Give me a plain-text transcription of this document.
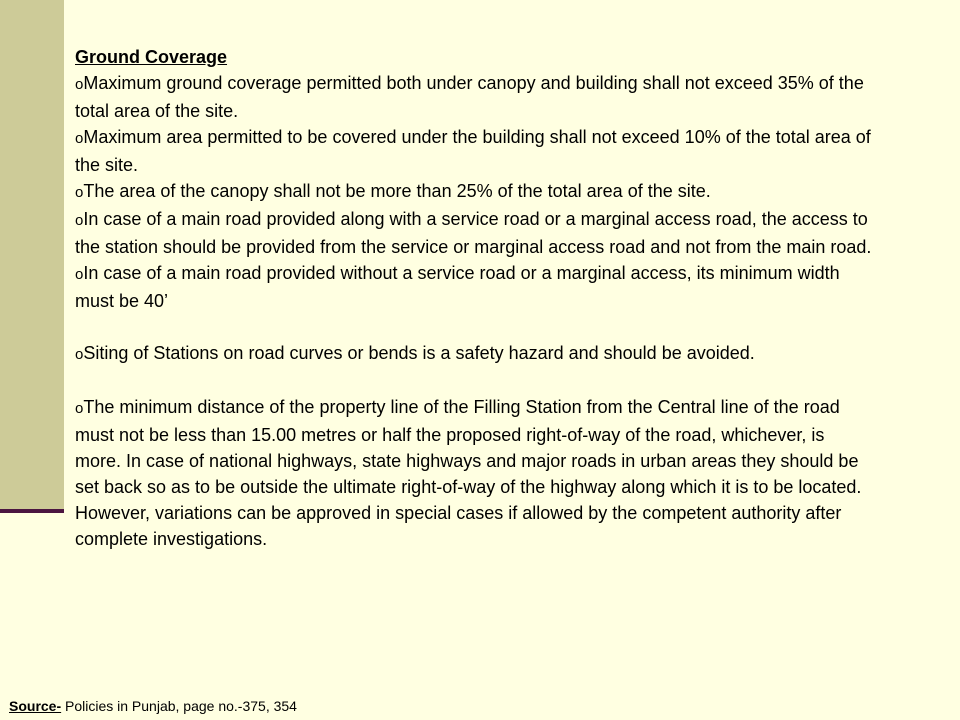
Ground Coverage
oMaximum ground coverage permitted both under canopy and building shall not exceed 35% of the total area of the site.
oMaximum area permitted to be covered under the building shall not exceed 10% of the total area of the site.
oThe area of the canopy shall not be more than 25% of the total area of the site.
oIn case of a main road provided along with a service road or a marginal access road, the access to the station should be provided from the service or marginal access road and not from the main road.
oIn case of a main road provided without a service road or a marginal access, its minimum width must be 40’
oSiting of Stations on road curves or bends is a safety hazard and should be avoided.
oThe minimum distance of the property line of the Filling Station from the Central line of the road must not be less than 15.00 metres or half the proposed right-of-way of the road, whichever, is more. In case of national highways, state highways and major roads in urban areas they should be set back so as to be outside the ultimate right-of-way of the highway along which it is to be located. However, variations can be approved in special cases if allowed by the competent authority after complete investigations.
Source- Policies in Punjab, page no.-375, 354
